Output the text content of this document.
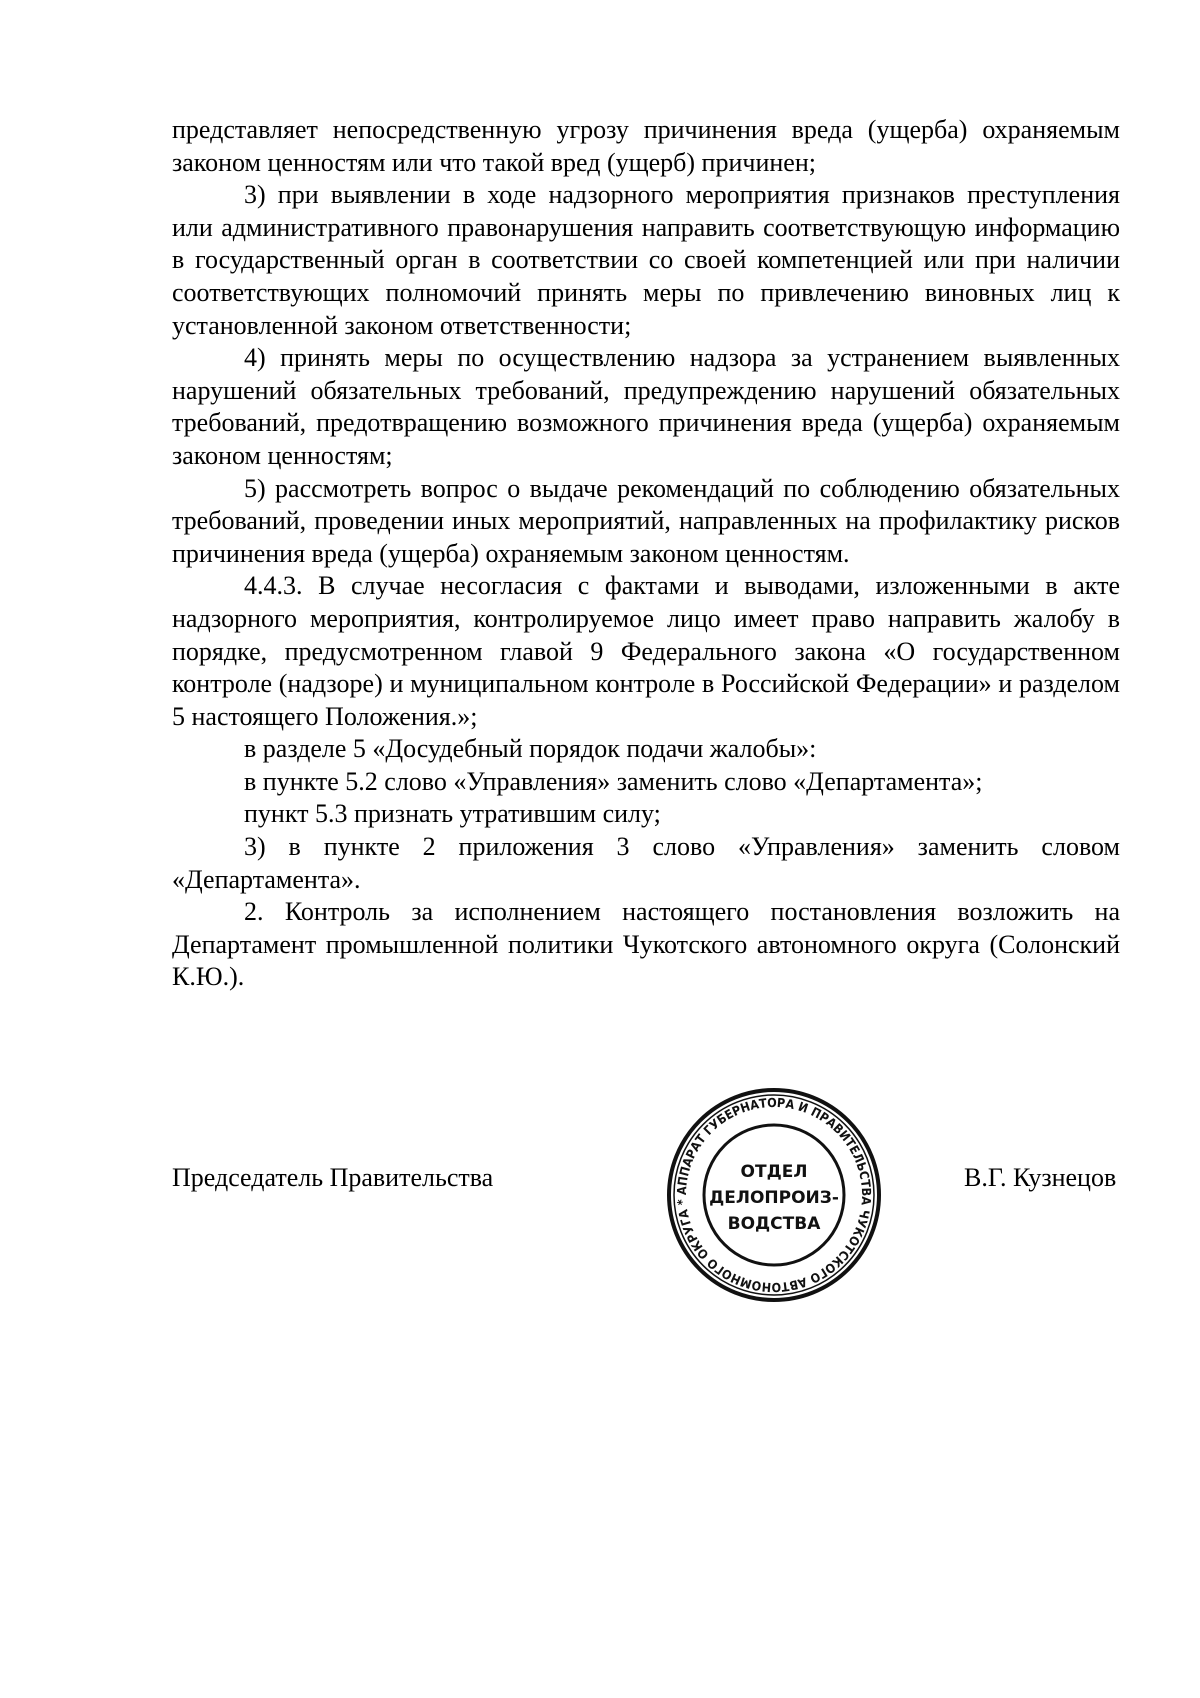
представляет непосредственную угрозу причинения вреда (ущерба) охраняемым законом ценностям или что такой вред (ущерб) причинен;

3) при выявлении в ходе надзорного мероприятия признаков преступления или административного правонарушения направить соответствующую информацию в государственный орган в соответствии со своей компетенцией или при наличии соответствующих полномочий принять меры по привлечению виновных лиц к установленной законом ответственности;

4) принять меры по осуществлению надзора за устранением выявленных нарушений обязательных требований, предупреждению нарушений обязательных требований, предотвращению возможного причинения вреда (ущерба) охраняемым законом ценностям;

5) рассмотреть вопрос о выдаче рекомендаций по соблюдению обязательных требований, проведении иных мероприятий, направленных на профилактику рисков причинения вреда (ущерба) охраняемым законом ценностям.

4.4.3. В случае несогласия с фактами и выводами, изложенными в акте надзорного мероприятия, контролируемое лицо имеет право направить жалобу в порядке, предусмотренном главой 9 Федерального закона «О государственном контроле (надзоре) и муниципальном контроле в Российской Федерации» и разделом 5 настоящего Положения.»;

в разделе 5 «Досудебный порядок подачи жалобы»:

в пункте 5.2 слово «Управления» заменить слово «Департамента»;

пункт 5.3 признать утратившим силу;

3) в пункте 2 приложения 3 слово «Управления» заменить словом «Департамента».

2. Контроль за исполнением настоящего постановления возложить на Департамент промышленной политики Чукотского автономного округа (Солонский К.Ю.).

Председатель Правительства	В.Г. Кузнецов
АППАРАТ ГУБЕРНАТОРА И ПРАВИТЕЛЬСТВА ЧУКОТСКОГО АВТОНОМНОГО ОКРУГА *
ОТДЕЛ
ДЕЛОПРОИЗ-
ВОДСТВА
